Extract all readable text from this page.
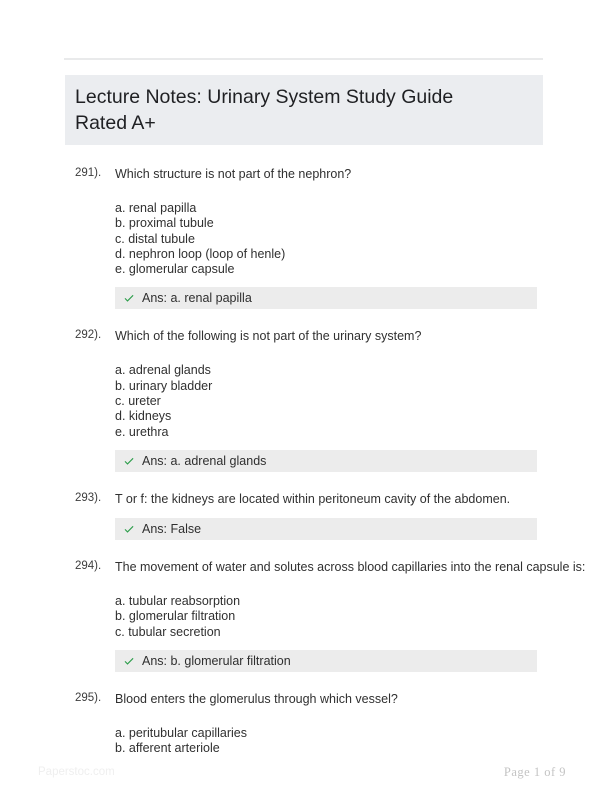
Lecture Notes: Urinary System Study Guide Rated A+
291).	Which structure is not part of the nephron?
a. renal papilla
b. proximal tubule
c. distal tubule
d. nephron loop (loop of henle)
e. glomerular capsule
Ans: a. renal papilla
292).	Which of the following is not part of the urinary system?
a. adrenal glands
b. urinary bladder
c. ureter
d. kidneys
e. urethra
Ans: a. adrenal glands
293).	T or f: the kidneys are located within peritoneum cavity of the abdomen.
Ans: False
294).	The movement of water and solutes across blood capillaries into the renal capsule is:
a. tubular reabsorption
b. glomerular filtration
c. tubular secretion
Ans: b. glomerular filtration
295).	Blood enters the glomerulus through which vessel?
a. peritubular capillaries
b. afferent arteriole
Paperstoc.com	Page 1 of 9
